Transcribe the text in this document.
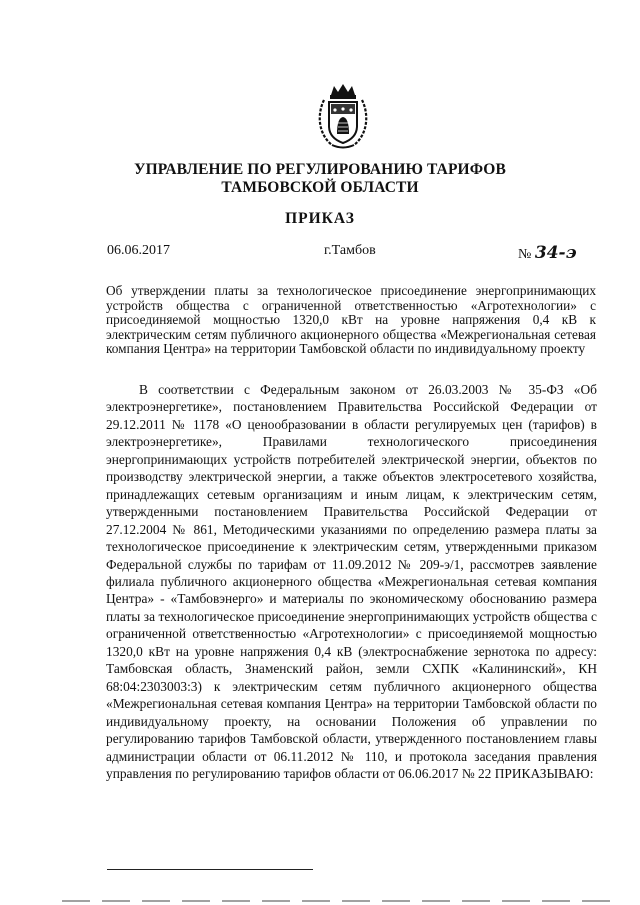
УПРАВЛЕНИЕ ПО РЕГУЛИРОВАНИЮ ТАРИФОВ
ТАМБОВСКОЙ ОБЛАСТИ
ПРИКАЗ
06.06.2017	г.Тамбов	№ 34-э
Об утверждении платы за технологическое присоединение энергопринимающих устройств общества с ограниченной ответственностью «Агротехнологии» с присоединяемой мощностью 1320,0 кВт на уровне напряжения 0,4 кВ к электрическим сетям публичного акционерного общества «Межрегиональная сетевая компания Центра» на территории Тамбовской области по индивидуальному проекту
В соответствии с Федеральным законом от 26.03.2003 № 35-ФЗ «Об электроэнергетике», постановлением Правительства Российской Федерации от 29.12.2011 № 1178 «О ценообразовании в области регулируемых цен (тарифов) в электроэнергетике», Правилами технологического присоединения энергопринимающих устройств потребителей электрической энергии, объектов по производству электрической энергии, а также объектов электросетевого хозяйства, принадлежащих сетевым организациям и иным лицам, к электрическим сетям, утвержденными постановлением Правительства Российской Федерации от 27.12.2004 № 861, Методическими указаниями по определению размера платы за технологическое присоединение к электрическим сетям, утвержденными приказом Федеральной службы по тарифам от 11.09.2012 № 209-э/1, рассмотрев заявление филиала публичного акционерного общества «Межрегиональная сетевая компания Центра» - «Тамбовэнерго» и материалы по экономическому обоснованию размера платы за технологическое присоединение энергопринимающих устройств общества с ограниченной ответственностью «Агротехнологии» с присоединяемой мощностью 1320,0 кВт на уровне напряжения 0,4 кВ (электроснабжение зернотока по адресу: Тамбовская область, Знаменский район, земли СХПК «Калининский», КН 68:04:2303003:3) к электрическим сетям публичного акционерного общества «Межрегиональная сетевая компания Центра» на территории Тамбовской области по индивидуальному проекту, на основании Положения об управлении по регулированию тарифов Тамбовской области, утвержденного постановлением главы администрации области от 06.11.2012 № 110, и протокола заседания правления управления по регулированию тарифов области от 06.06.2017 № 22 ПРИКАЗЫВАЮ:
